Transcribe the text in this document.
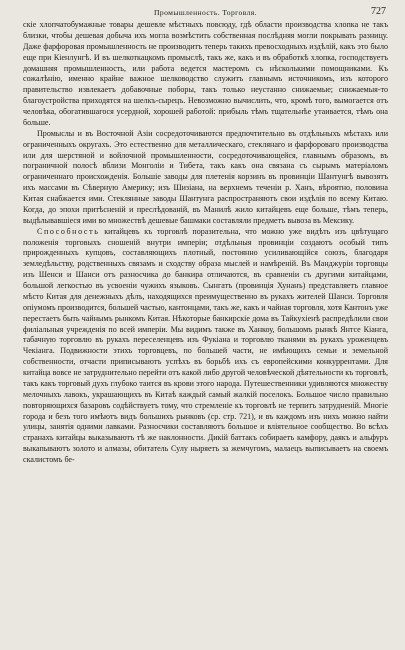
Промышленность. Торговля.	727

скіе хлопчатобумажные товары дешевле мѣстныхъ повсюду, гдѣ области производства хлопка не такъ близки, чтобы дешевая добыча ихъ могла возмѣстить собственная послѣдняя могли покрывать разницу. Даже фарфоровая промышленность не производитъ теперь такихъ превосходныхъ издѣлій, какъ это было еще при Кіенлунгѣ. И въ шелкоткацкомъ промыслѣ, такъ же, какъ и въ обработкѣ хлопка, господствуетъ домашняя промышленность, или работа ведется мастеромъ съ нѣсколькими помощниками. Къ сожалѣнію, именно крайне важное шелководство служитъ главнымъ источникомъ, изъ которого правительство извлекаетъ добавочные поборы, такъ только неустанно снижаемые; снижаемыя-то благоустройства приходятся на шелкъ-сырецъ. Невозможно вычислить, что, кромѣ того, вымогается отъ человѣка, обогатившагося усердной, хорошей работой: прибыль тѣмъ тщательнѣе утаивается, тѣмъ она больше.

Промыслы и въ Восточной Азіи сосредоточиваются предпочтительно въ отдѣльныхъ мѣстахъ или ограниченныхъ округахъ. Это естественно для металлическаго, стеклянаго и фарфороваго производства или для шерстяной и войлочной промышленности, сосредоточивающейся, главнымъ образомъ, въ пограничной полосѣ вблизи Монголіи и Тибета, такъ какъ она связана съ сырымъ матеріаломъ ограниченнаго происхожденія. Большіе заводы для плетенія корзинъ въ провинціи Шантунгѣ вывозятъ ихъ массами въ Сѣверную Америку; изъ Шизіана, на верхнемъ теченіи р. Ханъ, вѣроятно, половина Китая снабжается ими. Стеклянные заводы Шантунга распространяютъ свои издѣлія по всему Китаю. Когда, до эпохи притѣсненій и преслѣдованій, въ Манилѣ жило китайцевъ еще больше, тѣмъ теперь, выдѣлывавшіеся ими во множествѣ дешевые башмаки составляли предметъ вывоза въ Мексику.

Способность китайцевъ къ торговлѣ поразительна, что можно уже видѣть изъ цвѣтущаго положенія торговыхъ сношеній внутри имперіи; отдѣльныя провинціи создаютъ особый типъ прирожденныхъ купцовъ, составляющихъ плотный, постоянно усиливающійся союзъ, благодаря земледѣльству, родственныхъ связамъ и сходству образа мыслей и намѣреній. Въ Манджуріи торговцы изъ Шенси и Шанси отъ разносчика до банкира отличаются, въ сравненіи съ другими китайцами, большой легкостью въ усвоеніи чужихъ языковъ. Сынгатъ (провинція Хунанъ) представляетъ главное мѣсто Китая для денежныхъ дѣлъ, находящихся преимущественно въ рукахъ жителей Шанси. Торговля опіумомъ производится, большей частью, кантонцами, такъ же, какъ и чайная торговля, хотя Кантонъ уже перестаетъ быть чайнымъ рынкомъ Китая. Нѣкоторые банкирскіе дома въ Тайкухіенѣ распредѣлили свои филіальныя учрежденія по всей имперіи. Мы видимъ также въ Ханкоу, большомъ рынкѣ Янтсе Кіанга, табачную торговлю въ рукахъ переселенцевъ изъ Фукіана и торговлю тканями въ рукахъ уроженцевъ Чекіанга. Подвижности этихъ торговцевъ, по большей части, не имѣющихъ семьи и земельной собственности, отчасти приписываютъ успѣхъ въ борьбѣ ихъ съ европейскими конкуррентами. Для китайца вовсе не затруднительно перейти отъ какой либо другой человѣческой дѣятельности къ торговлѣ, такъ какъ торговый духъ глубоко таится въ крови этого народа. Путешественники удивляются множеству мелочныхъ лавокъ, украшающихъ въ Китаѣ каждый самый жалкій поселокъ. Большое число правильно повторяющихся базаровъ содѣйствуетъ тому, что стремленіе къ торговлѣ не терпитъ затрудненій. Многіе города и безъ того имѣютъ видъ большихъ рынковъ (ср. стр. 721), и въ каждомъ изъ нихъ можно найти улицы, занятія одними лавками. Разносчики составляютъ большое и влiятельное сообщество. Во всѣхъ странахъ китайцы выказываютъ тѣ же наклонности. Дикій баттакъ собираетъ камфору, даякъ и альфуръ выкапываютъ золото и алмазы, обитатель Сулу ныряетъ за жемчугомъ, малаецъ выписываетъ на своемъ скалистомъ бе-
